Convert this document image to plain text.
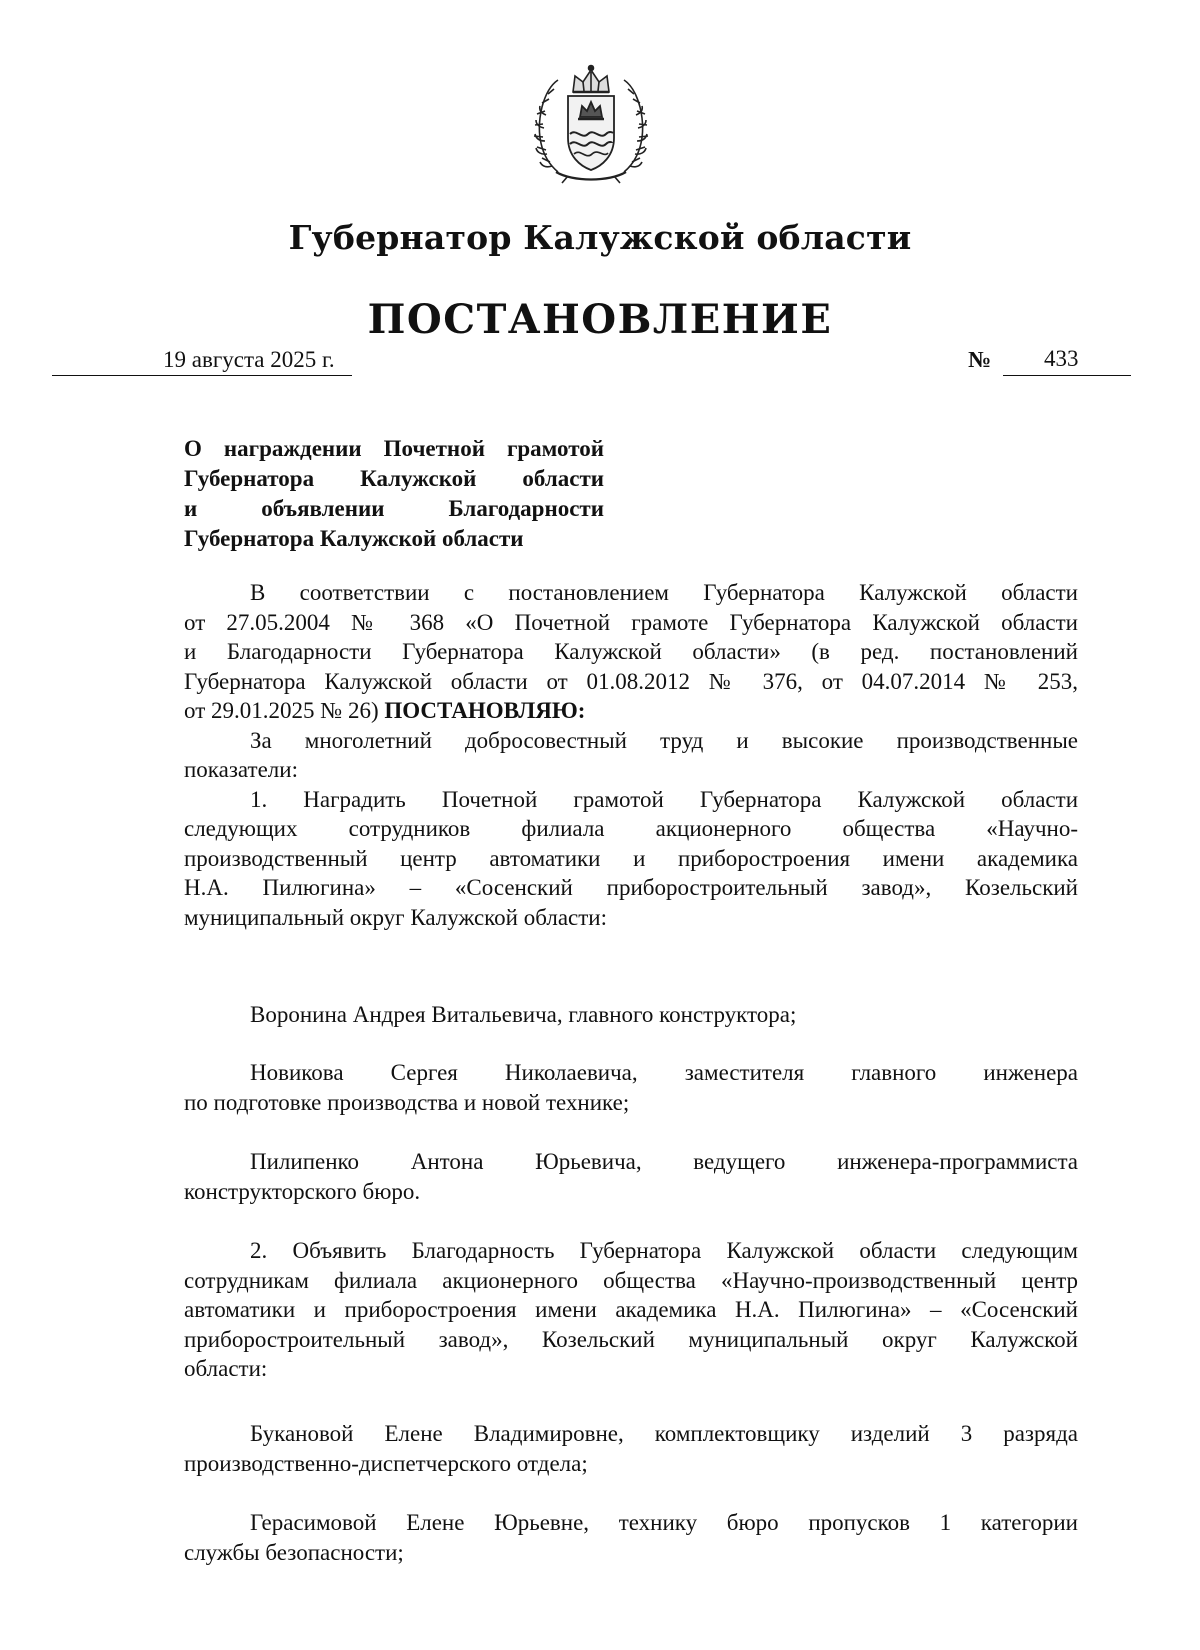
Губернатор Калужской области
ПОСТАНОВЛЕНИЕ
19 августа 2025 г.	№ 433
О награждении Почетной грамотой
Губернатора Калужской области
и объявлении Благодарности
Губернатора Калужской области
В соответствии с постановлением Губернатора Калужской области
от 27.05.2004 № 368 «О Почетной грамоте Губернатора Калужской области
и Благодарности Губернатора Калужской области» (в ред. постановлений
Губернатора Калужской области от 01.08.2012 № 376, от 04.07.2014 № 253,
от 29.01.2025 № 26) ПОСТАНОВЛЯЮ:
За многолетний добросовестный труд и высокие производственные
показатели:
1. Наградить Почетной грамотой Губернатора Калужской области
следующих сотрудников филиала акционерного общества «Научно-
производственный центр автоматики и приборостроения имени академика
Н.А. Пилюгина» – «Сосенский приборостроительный завод», Козельский
муниципальный округ Калужской области:
Воронина Андрея Витальевича, главного конструктора;
Новикова Сергея Николаевича, заместителя главного инженера
по подготовке производства и новой технике;
Пилипенко Антона Юрьевича, ведущего инженера-программиста
конструкторского бюро.
2. Объявить Благодарность Губернатора Калужской области следующим
сотрудникам филиала акционерного общества «Научно-производственный центр
автоматики и приборостроения имени академика Н.А. Пилюгина» – «Сосенский
приборостроительный завод», Козельский муниципальный округ Калужской
области:
Букановой Елене Владимировне, комплектовщику изделий 3 разряда
производственно-диспетчерского отдела;
Герасимовой Елене Юрьевне, технику бюро пропусков 1 категории
службы безопасности;
